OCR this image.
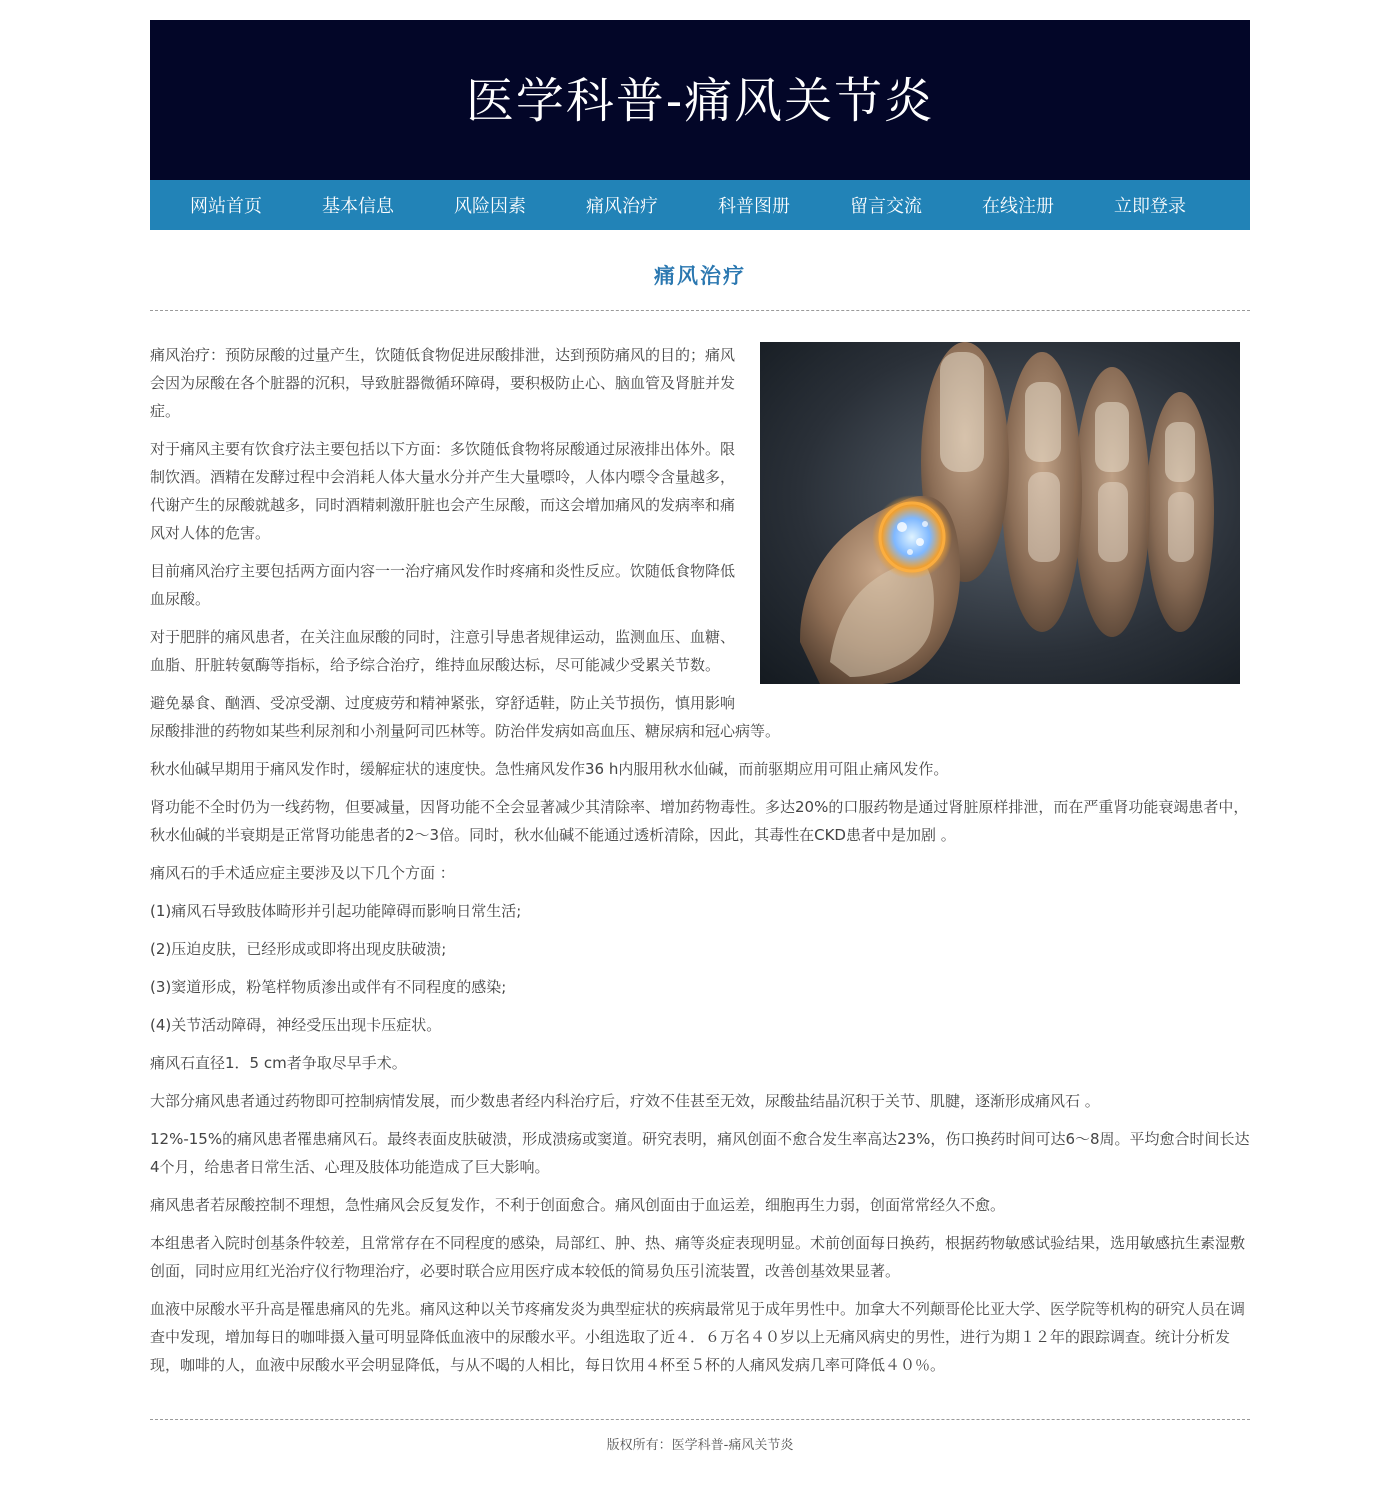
医学科普-痛风关节炎
网站首页	基本信息	风险因素	痛风治疗	科普图册	留言交流	在线注册	立即登录
痛风治疗

痛风治疗：预防尿酸的过量产生，饮随低食物促进尿酸排泄，达到预防痛风的目的；痛风会因为尿酸在各个脏器的沉积，导致脏器微循环障碍，要积极防止心、脑血管及肾脏并发症。

对于痛风主要有饮食疗法主要包括以下方面：多饮随低食物将尿酸通过尿液排出体外。限制饮酒。酒精在发酵过程中会消耗人体大量水分并产生大量嘌呤，人体内嘌令含量越多，代谢产生的尿酸就越多，同时酒精刺激肝脏也会产生尿酸，而这会增加痛风的发病率和痛风对人体的危害。

目前痛风治疗主要包括两方面内容一一治疗痛风发作时疼痛和炎性反应。饮随低食物降低血尿酸。

对于肥胖的痛风患者，在关注血尿酸的同时，注意引导患者规律运动，监测血压、血糖、血脂、肝脏转氨酶等指标，给予综合治疗，维持血尿酸达标，尽可能减少受累关节数。

避免暴食、酗酒、受凉受潮、过度疲劳和精神紧张，穿舒适鞋，防止关节损伤，慎用影响尿酸排泄的药物如某些利尿剂和小剂量阿司匹林等。防治伴发病如高血压、糖尿病和冠心病等。

秋水仙碱早期用于痛风发作时，缓解症状的速度快。急性痛风发作36 h内服用秋水仙碱，而前驱期应用可阻止痛风发作。

肾功能不全时仍为一线药物，但要减量，因肾功能不全会显著减少其清除率、增加药物毒性。多达20%的口服药物是通过肾脏原样排泄，而在严重肾功能衰竭患者中，秋水仙碱的半衰期是正常肾功能患者的2～3倍。同时，秋水仙碱不能通过透析清除，因此，其毒性在CKD患者中是加剧 。

痛风石的手术适应症主要涉及以下几个方面 ：

(1)痛风石导致肢体畸形并引起功能障碍而影响日常生活;

(2)压迫皮肤，已经形成或即将出现皮肤破溃;

(3)窦道形成，粉笔样物质渗出或伴有不同程度的感染;

(4)关节活动障碍，神经受压出现卡压症状。

痛风石直径1．5 cm者争取尽早手术。

大部分痛风患者通过药物即可控制病情发展，而少数患者经内科治疗后，疗效不佳甚至无效，尿酸盐结晶沉积于关节、肌腱，逐渐形成痛风石 。

12%-15%的痛风患者罹患痛风石。最终表面皮肤破溃，形成溃疡或窦道。研究表明，痛风创面不愈合发生率高达23%，伤口换药时间可达6～8周。平均愈合时间长达4个月，给患者日常生活、心理及肢体功能造成了巨大影响。

痛风患者若尿酸控制不理想，急性痛风会反复发作，不利于创面愈合。痛风创面由于血运差，细胞再生力弱，创面常常经久不愈。

本组患者入院时创基条件较差，且常常存在不同程度的感染，局部红、肿、热、痛等炎症表现明显。术前创面每日换药，根据药物敏感试验结果，选用敏感抗生素湿敷创面，同时应用红光治疗仪行物理治疗，必要时联合应用医疗成本较低的简易负压引流装置，改善创基效果显著。

血液中尿酸水平升高是罹患痛风的先兆。痛风这种以关节疼痛发炎为典型症状的疾病最常见于成年男性中。加拿大不列颠哥伦比亚大学、医学院等机构的研究人员在调查中发现，增加每日的咖啡摄入量可明显降低血液中的尿酸水平。小组选取了近４．６万名４０岁以上无痛风病史的男性，进行为期１２年的跟踪调查。统计分析发现，咖啡的人，血液中尿酸水平会明显降低，与从不喝的人相比，每日饮用４杯至５杯的人痛风发病几率可降低４０％。

版权所有：医学科普-痛风关节炎
